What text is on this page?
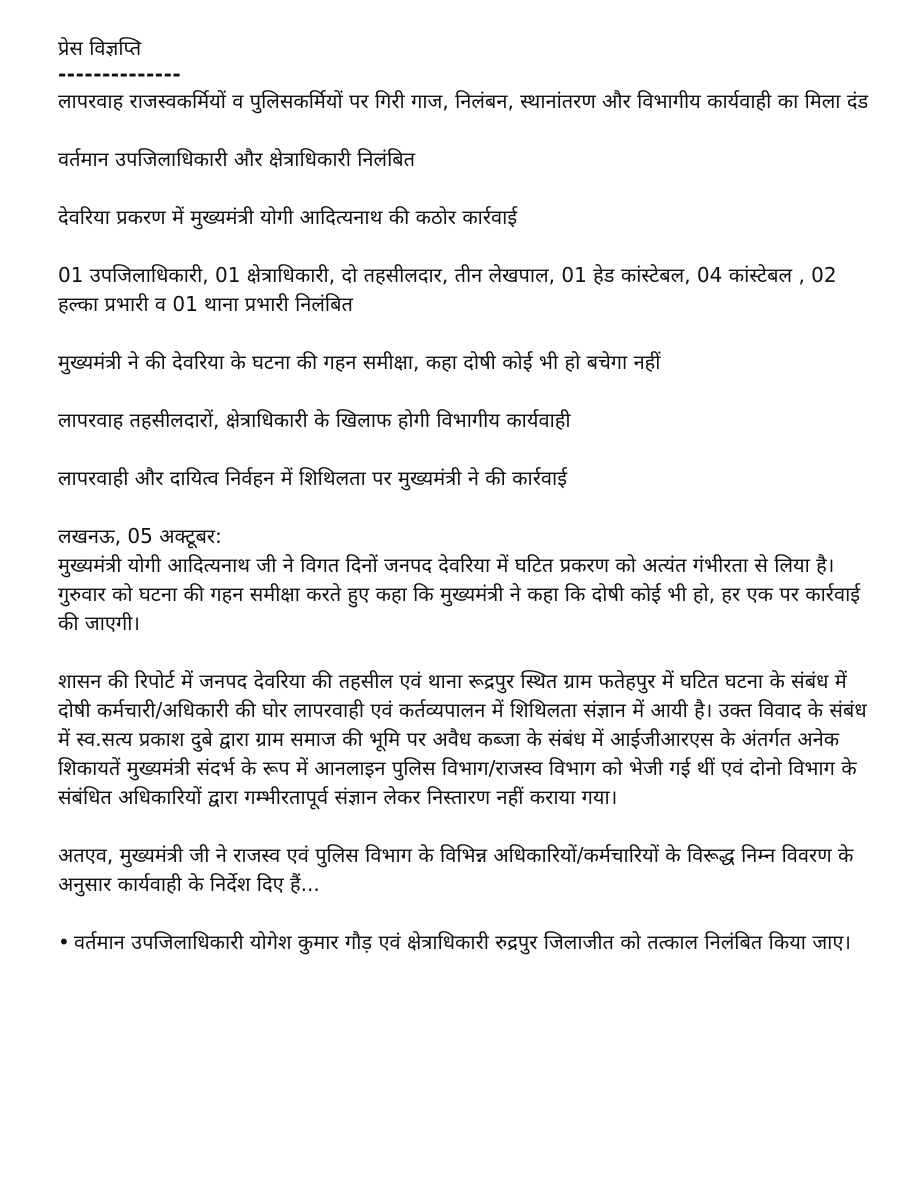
प्रेस विज्ञप्ति
--------------
लापरवाह राजस्वकर्मियों व पुलिसकर्मियों पर गिरी गाज, निलंबन, स्थानांतरण और विभागीय कार्यवाही का मिला दंड
वर्तमान उपजिलाधिकारी और क्षेत्राधिकारी निलंबित
देवरिया प्रकरण में मुख्यमंत्री योगी आदित्यनाथ की कठोर कार्रवाई
01 उपजिलाधिकारी, 01 क्षेत्राधिकारी, दो तहसीलदार, तीन लेखपाल, 01 हेड कांस्टेबल, 04 कांस्टेबल , 02 हल्का प्रभारी व 01 थाना प्रभारी निलंबित
मुख्यमंत्री ने की देवरिया के घटना की गहन समीक्षा, कहा दोषी कोई भी हो बचेगा नहीं
लापरवाह तहसीलदारों, क्षेत्राधिकारी के खिलाफ होगी विभागीय कार्यवाही
लापरवाही और दायित्व निर्वहन में शिथिलता पर मुख्यमंत्री ने की कार्रवाई
लखनऊ, 05 अक्टूबर:
मुख्यमंत्री योगी आदित्यनाथ जी ने विगत दिनों जनपद देवरिया में घटित प्रकरण को अत्यंत गंभीरता से लिया है। गुरुवार को घटना की गहन समीक्षा करते हुए कहा कि मुख्यमंत्री ने कहा कि दोषी कोई भी हो, हर एक पर कार्रवाई की जाएगी।
शासन की रिपोर्ट में जनपद देवरिया की तहसील एवं थाना रूद्रपुर स्थित ग्राम फतेहपुर में घटित घटना के संबंध में दोषी कर्मचारी/अधिकारी की घोर लापरवाही एवं कर्तव्यपालन में शिथिलता संज्ञान में आयी है। उक्त विवाद के संबंध में स्व.सत्य प्रकाश दुबे द्वारा ग्राम समाज की भूमि पर अवैध कब्जा के संबंध में आईजीआरएस के अंतर्गत अनेक शिकायतें मुख्यमंत्री संदर्भ के रूप में आनलाइन पुलिस विभाग/राजस्व विभाग को भेजी गई थीं एवं दोनो विभाग के संबंधित अधिकारियों द्वारा गम्भीरतापूर्व संज्ञान लेकर निस्तारण नहीं कराया गया।
अतएव, मुख्यमंत्री जी ने राजस्व एवं पुलिस विभाग के विभिन्न अधिकारियों/कर्मचारियों के विरूद्ध निम्न विवरण के अनुसार कार्यवाही के निर्देश दिए हैं...
• वर्तमान उपजिलाधिकारी योगेश कुमार गौड़ एवं क्षेत्राधिकारी रुद्रपुर जिलाजीत को तत्काल निलंबित किया जाए।
